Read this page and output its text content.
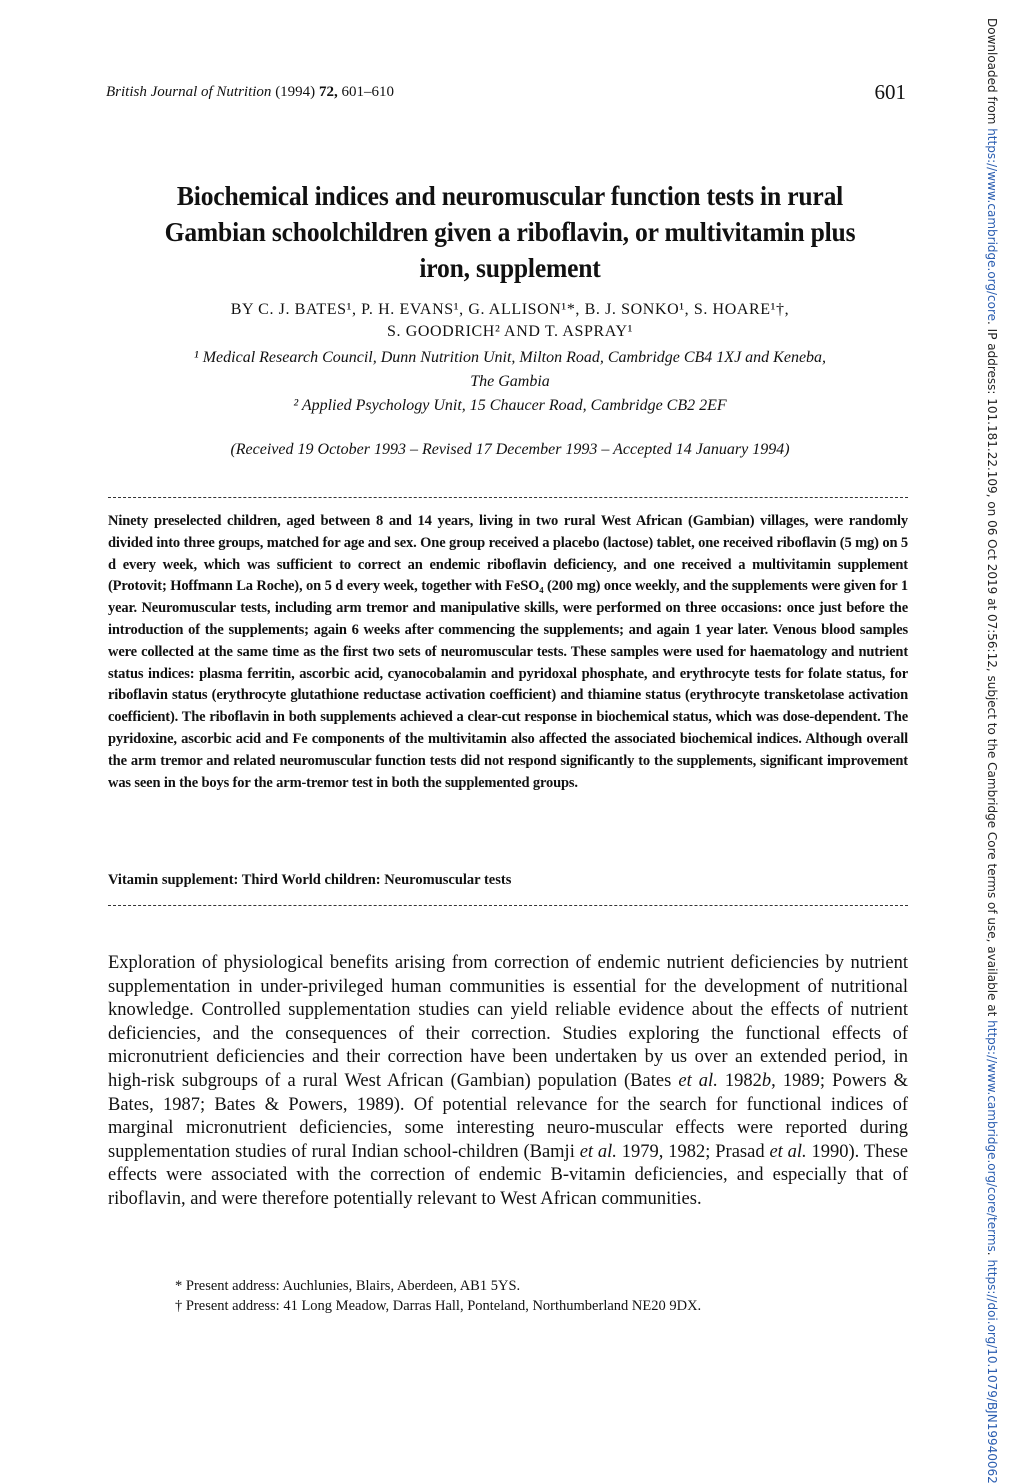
British Journal of Nutrition (1994) 72, 601–610	601
Biochemical indices and neuromuscular function tests in rural
Gambian schoolchildren given a riboflavin, or multivitamin plus
iron, supplement
BY C. J. BATES¹, P. H. EVANS¹, G. ALLISON¹*, B. J. SONKO¹, S. HOARE¹†,
S. GOODRICH² AND T. ASPRAY¹
¹ Medical Research Council, Dunn Nutrition Unit, Milton Road, Cambridge CB4 1XJ and Keneba,
The Gambia
² Applied Psychology Unit, 15 Chaucer Road, Cambridge CB2 2EF
(Received 19 October 1993 – Revised 17 December 1993 – Accepted 14 January 1994)
Ninety preselected children, aged between 8 and 14 years, living in two rural West African (Gambian) villages, were randomly divided into three groups, matched for age and sex. One group received a placebo (lactose) tablet, one received riboflavin (5 mg) on 5 d every week, which was sufficient to correct an endemic riboflavin deficiency, and one received a multivitamin supplement (Protovit; Hoffmann La Roche), on 5 d every week, together with FeSO₄ (200 mg) once weekly, and the supplements were given for 1 year. Neuromuscular tests, including arm tremor and manipulative skills, were performed on three occasions: once just before the introduction of the supplements; again 6 weeks after commencing the supplements; and again 1 year later. Venous blood samples were collected at the same time as the first two sets of neuromuscular tests. These samples were used for haematology and nutrient status indices: plasma ferritin, ascorbic acid, cyanocobalamin and pyridoxal phosphate, and erythrocyte tests for folate status, for riboflavin status (erythrocyte glutathione reductase activation coefficient) and thiamine status (erythrocyte transketolase activation coefficient). The riboflavin in both supplements achieved a clear-cut response in biochemical status, which was dose-dependent. The pyridoxine, ascorbic acid and Fe components of the multivitamin also affected the associated biochemical indices. Although overall the arm tremor and related neuromuscular function tests did not respond significantly to the supplements, significant improvement was seen in the boys for the arm-tremor test in both the supplemented groups.
Vitamin supplement: Third World children: Neuromuscular tests
Exploration of physiological benefits arising from correction of endemic nutrient deficiencies by nutrient supplementation in under-privileged human communities is essential for the development of nutritional knowledge. Controlled supplementation studies can yield reliable evidence about the effects of nutrient deficiencies, and the consequences of their correction. Studies exploring the functional effects of micronutrient deficiencies and their correction have been undertaken by us over an extended period, in high-risk subgroups of a rural West African (Gambian) population (Bates et al. 1982b, 1989; Powers & Bates, 1987; Bates & Powers, 1989). Of potential relevance for the search for functional indices of marginal micronutrient deficiencies, some interesting neuro-muscular effects were reported during supplementation studies of rural Indian school-children (Bamji et al. 1979, 1982; Prasad et al. 1990). These effects were associated with the correction of endemic B-vitamin deficiencies, and especially that of riboflavin, and were therefore potentially relevant to West African communities.
* Present address: Auchlunies, Blairs, Aberdeen, AB1 5YS.
† Present address: 41 Long Meadow, Darras Hall, Ponteland, Northumberland NE20 9DX.
Downloaded from https://www.cambridge.org/core. IP address: 101.181.22.109, on 06 Oct 2019 at 07:56:12, subject to the Cambridge Core terms of use, available at https://www.cambridge.org/core/terms. https://doi.org/10.1079/BJN19940062
